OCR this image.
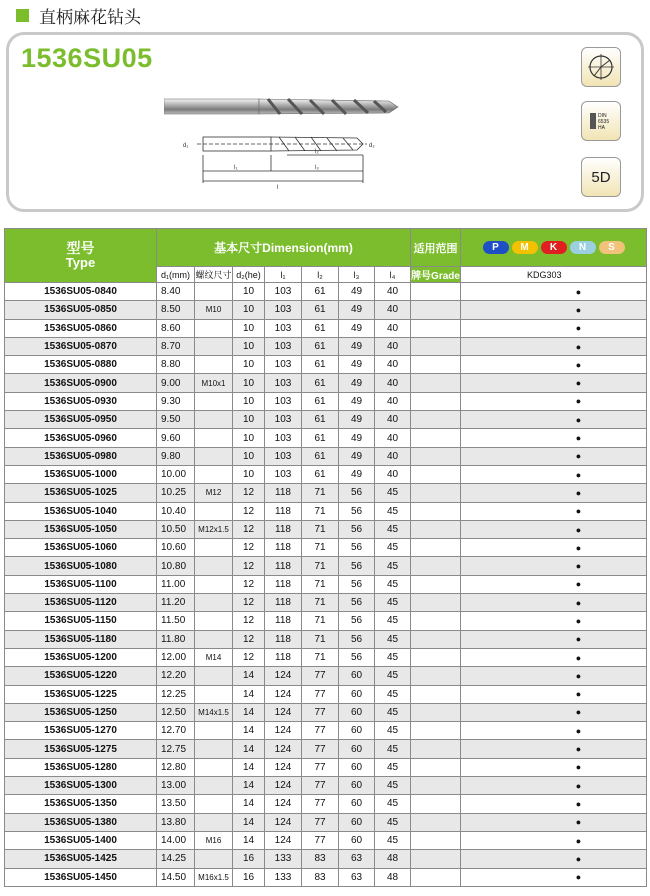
直柄麻花钻头
1536SU05
d₁	d₂
l₁
l₂
l₃
l
DIN
6535
HA
5D
型号
Type	基本尺寸Dimension(mm)							适用范围	P M K N S

	d₁(mm)	螺纹尺寸	d₂(he)	l₁	l₂	l₃	l₄	牌号Grade	KDG303
1536SU05-0840	8.40		10	103	61	49	40		●
1536SU05-0850	8.50	M10	10	103	61	49	40		●
1536SU05-0860	8.60		10	103	61	49	40		●
1536SU05-0870	8.70		10	103	61	49	40		●
1536SU05-0880	8.80		10	103	61	49	40		●
1536SU05-0900	9.00	M10x1	10	103	61	49	40		●
1536SU05-0930	9.30		10	103	61	49	40		●
1536SU05-0950	9.50		10	103	61	49	40		●
1536SU05-0960	9.60		10	103	61	49	40		●
1536SU05-0980	9.80		10	103	61	49	40		●
1536SU05-1000	10.00		10	103	61	49	40		●
1536SU05-1025	10.25	M12	12	118	71	56	45		●
1536SU05-1040	10.40		12	118	71	56	45		●
1536SU05-1050	10.50	M12x1.5	12	118	71	56	45		●
1536SU05-1060	10.60		12	118	71	56	45		●
1536SU05-1080	10.80		12	118	71	56	45		●
1536SU05-1100	11.00		12	118	71	56	45		●
1536SU05-1120	11.20		12	118	71	56	45		●
1536SU05-1150	11.50		12	118	71	56	45		●
1536SU05-1180	11.80		12	118	71	56	45		●
1536SU05-1200	12.00	M14	12	118	71	56	45		●
1536SU05-1220	12.20		14	124	77	60	45		●
1536SU05-1225	12.25		14	124	77	60	45		●
1536SU05-1250	12.50	M14x1.5	14	124	77	60	45		●
1536SU05-1270	12.70		14	124	77	60	45		●
1536SU05-1275	12.75		14	124	77	60	45		●
1536SU05-1280	12.80		14	124	77	60	45		●
1536SU05-1300	13.00		14	124	77	60	45		●
1536SU05-1350	13.50		14	124	77	60	45		●
1536SU05-1380	13.80		14	124	77	60	45		●
1536SU05-1400	14.00	M16	14	124	77	60	45		●
1536SU05-1425	14.25		16	133	83	63	48		●
1536SU05-1450	14.50	M16x1.5	16	133	83	63	48		●
